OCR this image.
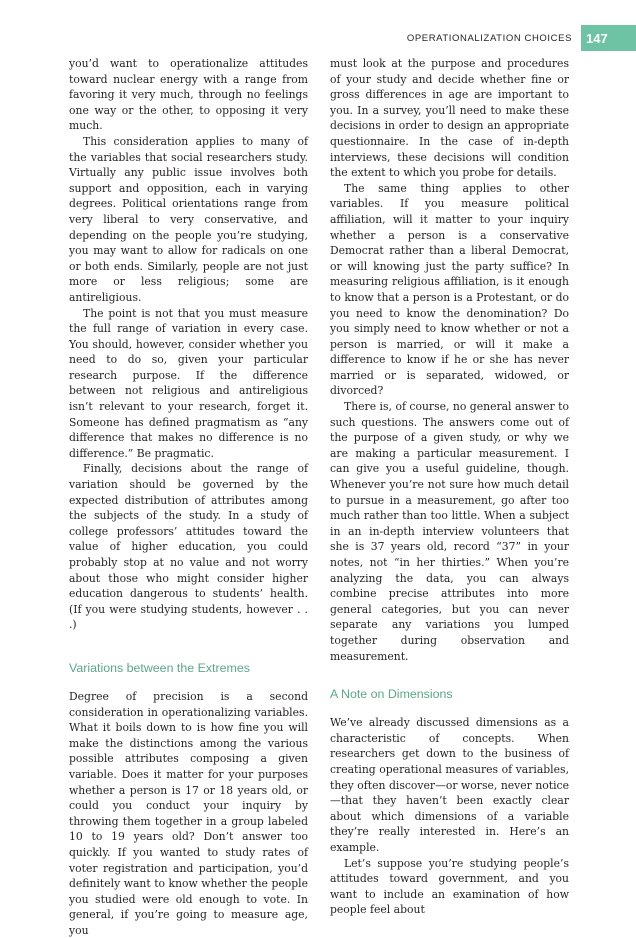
OPERATIONALIZATION CHOICES	147

you’d want to operationalize attitudes toward nuclear energy with a range from favoring it very much, through no feelings one way or the other, to opposing it very much.

This consideration applies to many of the variables that social researchers study. Virtually any public issue involves both support and opposition, each in varying degrees. Political orientations range from very liberal to very conservative, and depending on the people you’re studying, you may want to allow for radicals on one or both ends. Similarly, people are not just more or less religious; some are antireligious.

The point is not that you must measure the full range of variation in every case. You should, however, consider whether you need to do so, given your particular research purpose. If the difference between not religious and antireligious isn’t relevant to your research, forget it. Someone has defined pragmatism as “any difference that makes no difference is no difference.” Be pragmatic.

Finally, decisions about the range of variation should be governed by the expected distribution of attributes among the subjects of the study. In a study of college professors’ attitudes toward the value of higher education, you could probably stop at no value and not worry about those who might consider higher education dangerous to students’ health. (If you were studying students, however . . .)

Variations between the Extremes

Degree of precision is a second consideration in operationalizing variables. What it boils down to is how fine you will make the distinctions among the various possible attributes composing a given variable. Does it matter for your purposes whether a person is 17 or 18 years old, or could you conduct your inquiry by throwing them together in a group labeled 10 to 19 years old? Don’t answer too quickly. If you wanted to study rates of voter registration and participation, you’d definitely want to know whether the people you studied were old enough to vote. In general, if you’re going to measure age, you

must look at the purpose and procedures of your study and decide whether fine or gross differences in age are important to you. In a survey, you’ll need to make these decisions in order to design an appropriate questionnaire. In the case of in-depth interviews, these decisions will condition the extent to which you probe for details.

The same thing applies to other variables. If you measure political affiliation, will it matter to your inquiry whether a person is a conservative Democrat rather than a liberal Democrat, or will knowing just the party suffice? In measuring religious affiliation, is it enough to know that a person is a Protestant, or do you need to know the denomination? Do you simply need to know whether or not a person is married, or will it make a difference to know if he or she has never married or is separated, widowed, or divorced?

There is, of course, no general answer to such questions. The answers come out of the purpose of a given study, or why we are making a particular measurement. I can give you a useful guideline, though. Whenever you’re not sure how much detail to pursue in a measurement, go after too much rather than too little. When a subject in an in-depth interview volunteers that she is 37 years old, record “37” in your notes, not “in her thirties.” When you’re analyzing the data, you can always combine precise attributes into more general categories, but you can never separate any variations you lumped together during observation and measurement.

A Note on Dimensions

We’ve already discussed dimensions as a characteristic of concepts. When researchers get down to the business of creating operational measures of variables, they often discover—or worse, never notice—that they haven’t been exactly clear about which dimensions of a variable they’re really interested in. Here’s an example.

Let’s suppose you’re studying people’s attitudes toward government, and you want to include an examination of how people feel about
